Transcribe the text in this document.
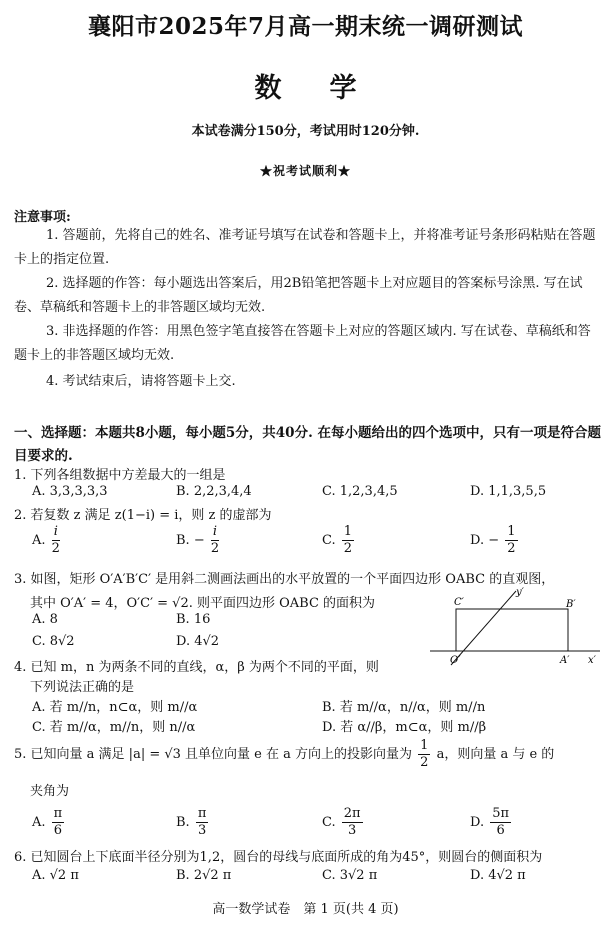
襄阳市2025年7月高一期末统一调研测试
数学
本试卷满分150分，考试用时120分钟.
★祝考试顺利★
注意事项:
1. 答题前，先将自己的姓名、准考证号填写在试卷和答题卡上，并将准考证号条形码粘贴在答题卡上的指定位置.
2. 选择题的作答：每小题选出答案后，用2B铅笔把答题卡上对应题目的答案标号涂黑. 写在试卷、草稿纸和答题卡上的非答题区域均无效.
3. 非选择题的作答：用黑色签字笔直接答在答题卡上对应的答题区域内. 写在试卷、草稿纸和答题卡上的非答题区域均无效.
4. 考试结束后，请将答题卡上交.
一、选择题：本题共8小题，每小题5分，共40分. 在每小题给出的四个选项中，只有一项是符合题目要求的.
1. 下列各组数据中方差最大的一组是
A. 3,3,3,3,3	B. 2,2,3,4,4	C. 1,2,3,4,5	D. 1,1,3,5,5
2. 若复数 z 满足 z(1−i) = i，则 z 的虚部为
A. $\frac{i}{2}$	B. − $\frac{i}{2}$	C. $\frac{1}{2}$	D. − $\frac{1}{2}$
3. 如图，矩形 O′A′B′C′ 是用斜二测画法画出的水平放置的一个平面四边形 OABC 的直观图，
其中 O′A′ = 4，O′C′ = √2. 则平面四边形 OABC 的面积为
A. 8	B. 16
C. 8√2	D. 4√2
C′	B′
O′	A′ x′
y′
4. 已知 m，n 为两条不同的直线，α，β 为两个不同的平面，则
下列说法正确的是
A. 若 m//n，n⊂α，则 m//α	B. 若 m//α，n//α，则 m//n
C. 若 m//α，m//n，则 n//α	D. 若 α//β，m⊂α，则 m//β
5. 已知向量 a 满足 |a| = √3 且单位向量 e 在 a 方向上的投影向量为 $\frac{1}{2}$ a，则向量 a 与 e 的
夹角为
A. $\frac{\pi}{6}$	B. $\frac{\pi}{3}$	C. $\frac{2\pi}{3}$	D. $\frac{5\pi}{6}$
6. 已知圆台上下底面半径分别为1,2，圆台的母线与底面所成的角为45°，则圆台的侧面积为
A. √2 π	B. 2√2 π	C. 3√2 π	D. 4√2 π
高一数学试卷　第 1 页(共 4 页)
